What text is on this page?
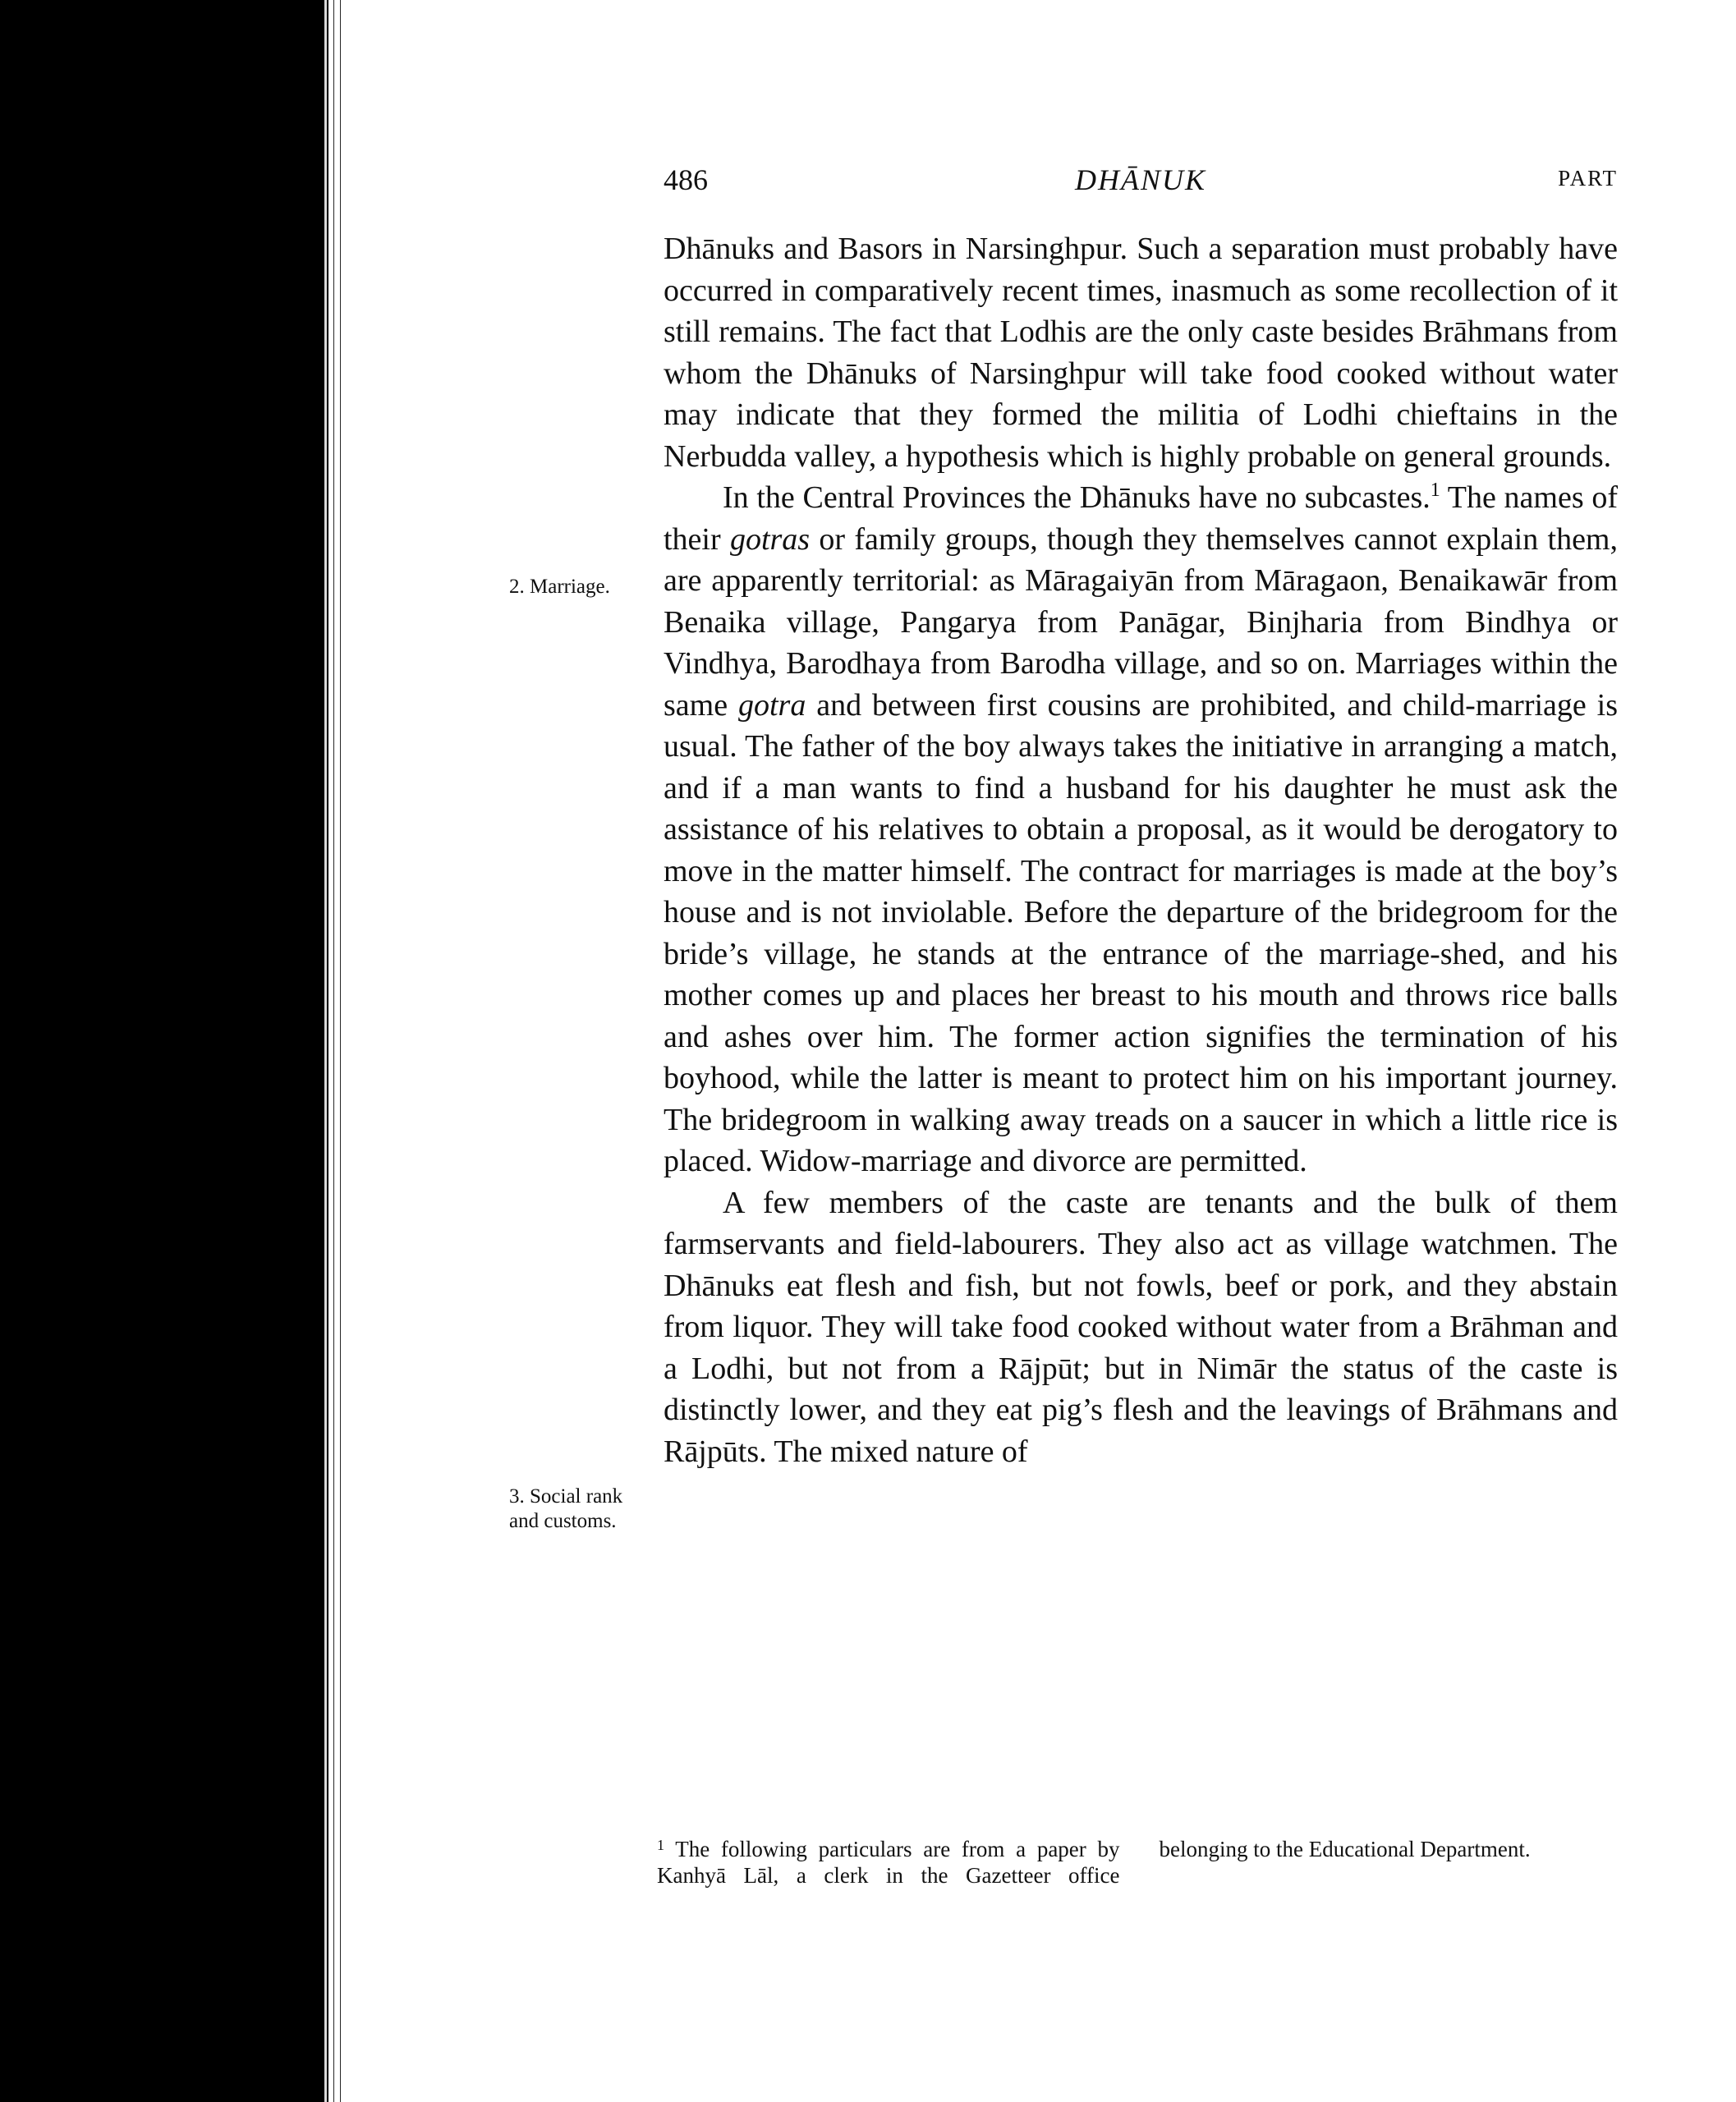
486	DHĀNUK	PART
2. Marriage.
3. Social rank and customs.

Dhānuks and Basors in Narsinghpur. Such a separation must probably have occurred in comparatively recent times, inasmuch as some recollection of it still remains. The fact that Lodhis are the only caste besides Brāhmans from whom the Dhānuks of Narsinghpur will take food cooked without water may indicate that they formed the militia of Lodhi chieftains in the Nerbudda valley, a hypothesis which is highly probable on general grounds.

In the Central Provinces the Dhānuks have no subcastes.$^1$ The names of their gotras or family groups, though they themselves cannot explain them, are apparently territorial: as Māragaiyān from Māragaon, Benaikawār from Benaika village, Pangarya from Panāgar, Binjharia from Bindhya or Vindhya, Barodhaya from Barodha village, and so on. Marriages within the same gotra and between first cousins are prohibited, and child-marriage is usual. The father of the boy always takes the initiative in arranging a match, and if a man wants to find a husband for his daughter he must ask the assistance of his relatives to obtain a proposal, as it would be derogatory to move in the matter himself. The contract for marriages is made at the boy’s house and is not inviolable. Before the departure of the bridegroom for the bride’s village, he stands at the entrance of the marriage-shed, and his mother comes up and places her breast to his mouth and throws rice balls and ashes over him. The former action signifies the termination of his boyhood, while the latter is meant to protect him on his important journey. The bridegroom in walking away treads on a saucer in which a little rice is placed. Widow-marriage and divorce are permitted.

A few members of the caste are tenants and the bulk of them farmservants and field-labourers. They also act as village watchmen. The Dhānuks eat flesh and fish, but not fowls, beef or pork, and they abstain from liquor. They will take food cooked without water from a Brāhman and a Lodhi, but not from a Rājpūt; but in Nimār the status of the caste is distinctly lower, and they eat pig’s flesh and the leavings of Brāhmans and Rājpūts. The mixed nature of

$^1$ The following particulars are from a paper by Kanhyā Lāl, a clerk in the Gazetteer office belonging to the Educational Department.
